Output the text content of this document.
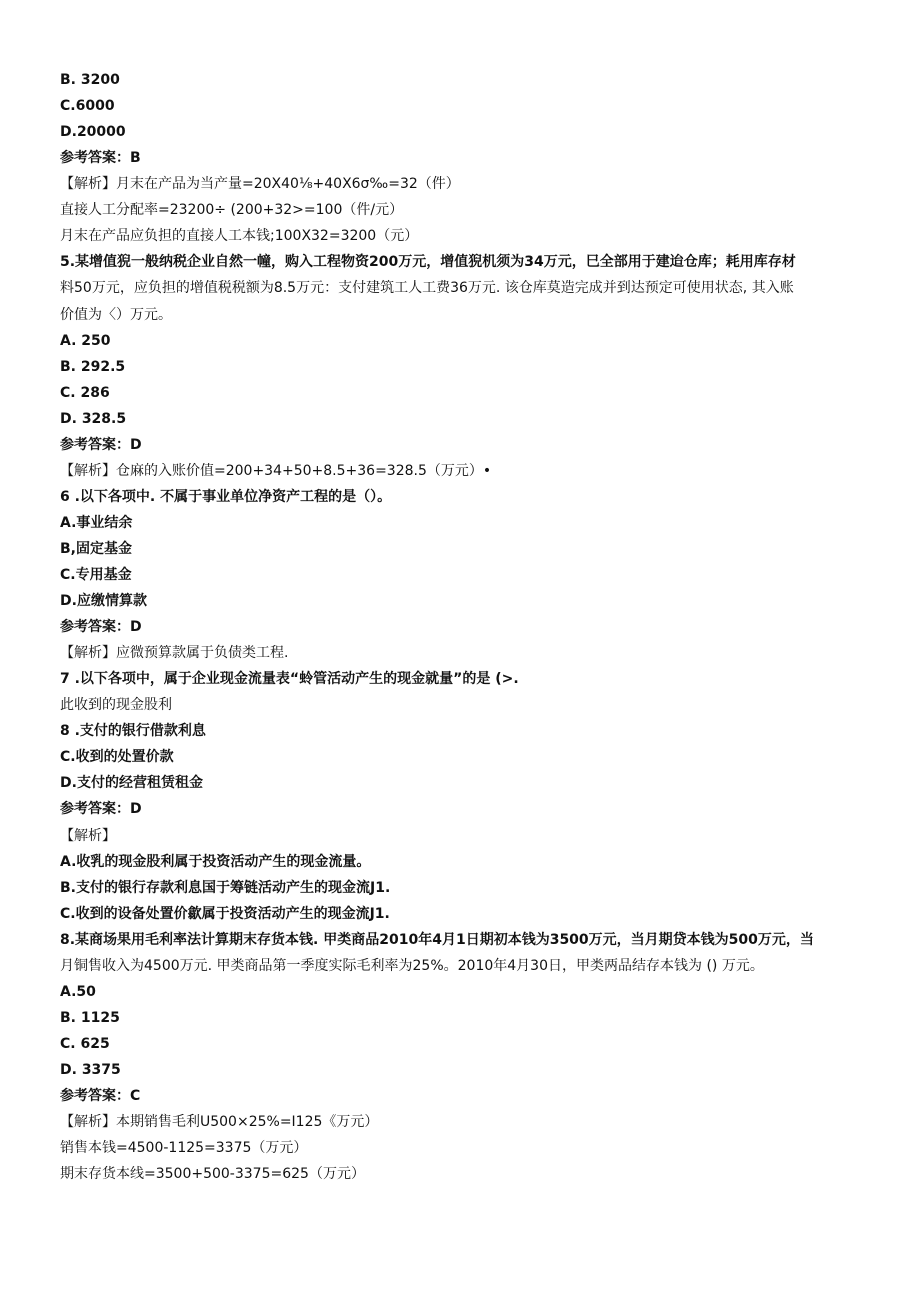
B. 3200
C.6000
D.20000
参考答案：B
【解析】月末在产品为当产量=20X40⅛+40X6σ‰=32（件）
直接人工分配率=23200÷ (200+32>=100（件/元）
月末在产品应负担的直接人工本钱;100X32=3200（元）
5.某增值猊一般纳税企业自然一幢，购入工程物资200万元，增值猊机须为34万元，巳全部用于建迨仓库；耗用库存材
料50万元，应负担的增值税税额为8.5万元：支付建筑工人工费36万元. 该仓库莫造完成并到达预定可使用状态, 其入账
价值为〈）万元。
A. 250
B. 292.5
C. 286
D. 328.5
参考答案：D
【解析】仓麻的入账价值=200+34+50+8.5+36=328.5（万元）•
6 .以下各项中. 不属于事业单位净资产工程的是（）。
A.事业结余
B,固定基金
C.专用基金
D.应缴情算款
参考答案：D
【解析】应微预算款属于负债类工程.
7 .以下各项中，属于企业现金流量表“蛉管活动产生的现金就量”的是 (>.
此收到的现金股利
8 .支付的银行借款利息
C.收到的处置价款
D.支付的经营租赁租金
参考答案：D
【解析】
A.收乳的现金股利属于投资活动产生的现金流量。
B.支付的银行存款利息国于筹链活动产生的现金流J1.
C.收到的设备处置价歙属于投资活动产生的现金流J1.
8.某商场果用毛利率法计算期末存货本钱. 甲类商品2010年4月1日期初本钱为3500万元，当月期贷本钱为500万元，当
月铜售收入为4500万元. 甲类商品第一季度实际毛利率为25%。2010年4月30日，甲类两品结存本钱为 () 万元。
A.50
B. 1125
C. 625
D. 3375
参考答案：C
【解析】本期销售毛利U500×25%=I125《万元）
销售本钱=4500-1125=3375（万元）
期末存货本线=3500+500-3375=625（万元）
